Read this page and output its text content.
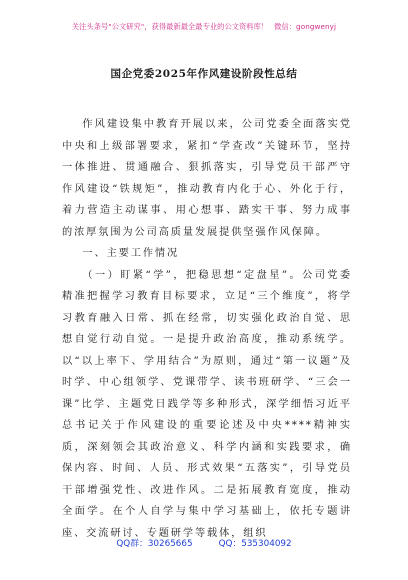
关注头条号"公文研究"，获得最新最全最专业的公文资料库！ 微信：gongwenyj
国企党委2025年作风建设阶段性总结

作风建设集中教育开展以来，公司党委全面落实党中央和上级部署要求，紧扣“学查改”关键环节，坚持一体推进、贯通融合、狠抓落实，引导党员干部严守作风建设“铁规矩”，推动教育内化于心、外化于行，着力营造主动谋事、用心想事、踏实干事、努力成事的浓厚氛围为公司高质量发展提供坚强作风保障。

一、主要工作情况

（一）盯紧“学”，把稳思想“定盘星”。公司党委精准把握学习教育目标要求，立足“三个维度”，将学习教育融入日常、抓在经常，切实强化政治自觉、思想自觉行动自觉。一是提升政治高度，推动系统学。以“以上率下、学用结合”为原则，通过“第一议题”及时学、中心组领学、党课带学、读书班研学、“三会一课”比学、主题党日践学等多种形式，深学细悟习近平总书记关于作风建设的重要论述及中央****精神实质，深刻领会其政治意义、科学内涵和实践要求，确保内容、时间、人员、形式效果“五落实”，引导党员干部增强党性、改进作风。二是拓展教育宽度，推动全面学。在个人自学与集中学习基础上，依托专题讲座、交流研讨、专题研学等载体，组织

QQ群：30265665	QQ：535304092
